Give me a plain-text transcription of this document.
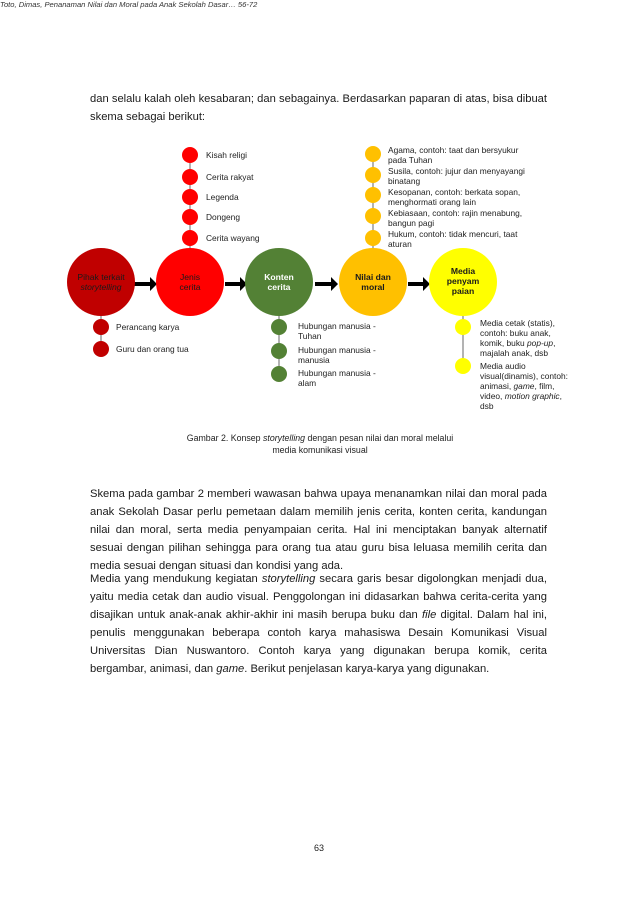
Toto, Dimas, Penanaman Nilai dan Moral pada Anak Sekolah Dasar… 56-72
dan selalu kalah oleh kesabaran; dan sebagainya. Berdasarkan paparan di atas, bisa dibuat skema sebagai berikut:
Pihak terkait
storytelling
Jenis
cerita
Konten
cerita
Nilai dan
moral
Media
penyam
paian
Kisah religi
Cerita rakyat
Legenda
Dongeng
Cerita wayang
Perancang karya
Guru dan orang tua
Hubungan manusia - Tuhan
Hubungan manusia - manusia
Hubungan manusia - alam
Agama, contoh: taat dan bersyukur pada Tuhan
Susila, contoh: jujur dan menyayangi binatang
Kesopanan, contoh: berkata sopan, menghormati orang lain
Kebiasaan, contoh: rajin menabung, bangun pagi
Hukum, contoh: tidak mencuri, taat aturan
Media cetak (statis), contoh: buku anak, komik, buku pop-up, majalah anak, dsb
Media audio visual(dinamis), contoh: animasi, game, film, video, motion graphic, dsb
Gambar 2. Konsep storytelling dengan pesan nilai dan moral melalui media komunikasi visual
Skema pada gambar 2 memberi wawasan bahwa upaya menanamkan nilai dan moral pada anak Sekolah Dasar perlu pemetaan dalam memilih jenis cerita, konten cerita, kandungan nilai dan moral, serta media penyampaian cerita. Hal ini menciptakan banyak alternatif sesuai dengan pilihan sehingga para orang tua atau guru bisa leluasa memilih cerita dan media sesuai dengan situasi dan kondisi yang ada.
Media yang mendukung kegiatan storytelling secara garis besar digolongkan menjadi dua, yaitu media cetak dan audio visual. Penggolongan ini didasarkan bahwa cerita-cerita yang disajikan untuk anak-anak akhir-akhir ini masih berupa buku dan file digital. Dalam hal ini, penulis menggunakan beberapa contoh karya mahasiswa Desain Komunikasi Visual Universitas Dian Nuswantoro. Contoh karya yang digunakan berupa komik, cerita bergambar, animasi, dan game. Berikut penjelasan karya-karya yang digunakan.
63
